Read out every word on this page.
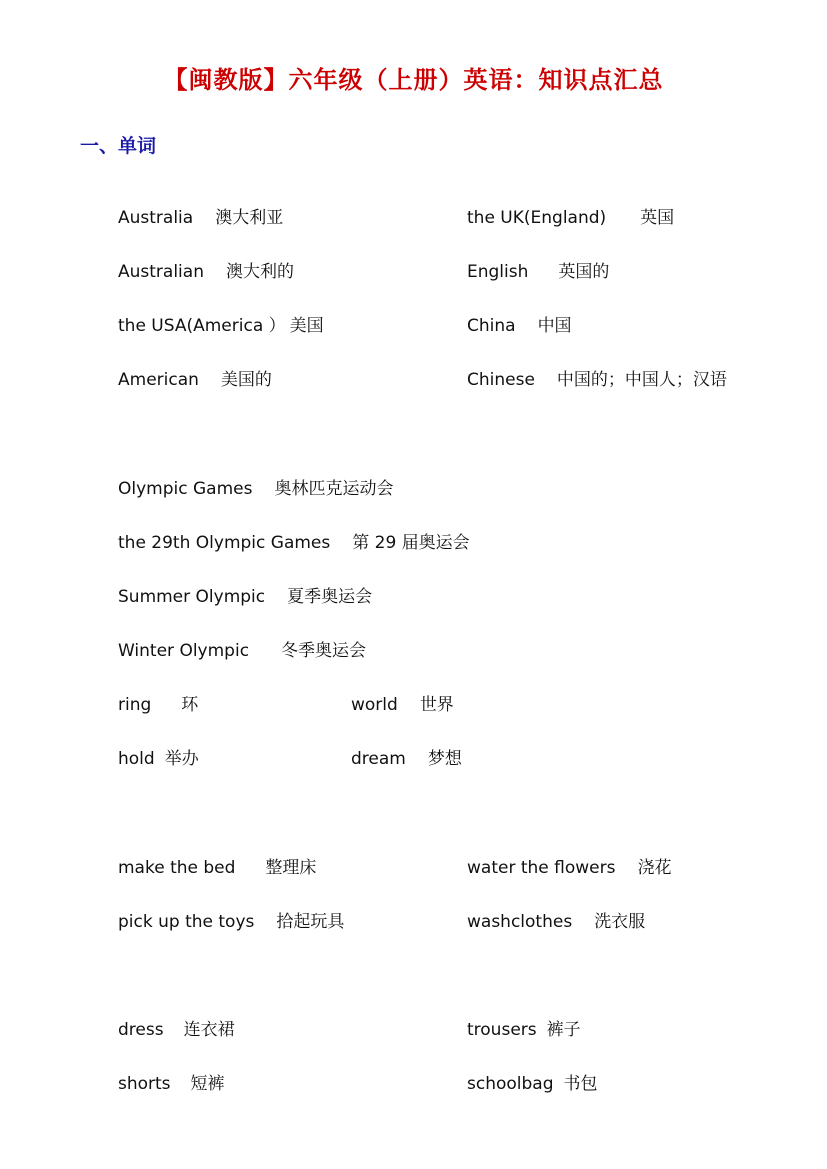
【闽教版】六年级（上册）英语：知识点汇总
一、单词
Australia 澳大利亚	the UK(England) 英国
Australian 澳大利的	English 英国的
the USA(America ） 美国	China 中国
American 美国的	Chinese 中国的；中国人；汉语
Olympic Games 奥林匹克运动会
the 29th Olympic Games 第 29 届奥运会
Summer Olympic 夏季奥运会
Winter Olympic 冬季奥运会
ring 环	world 世界
hold 举办	dream 梦想
make the bed 整理床	water the flowers 浇花
pick up the toys 拾起玩具	washclothes 洗衣服
dress 连衣裙	trousers 裤子
shorts 短裤	schoolbag 书包
